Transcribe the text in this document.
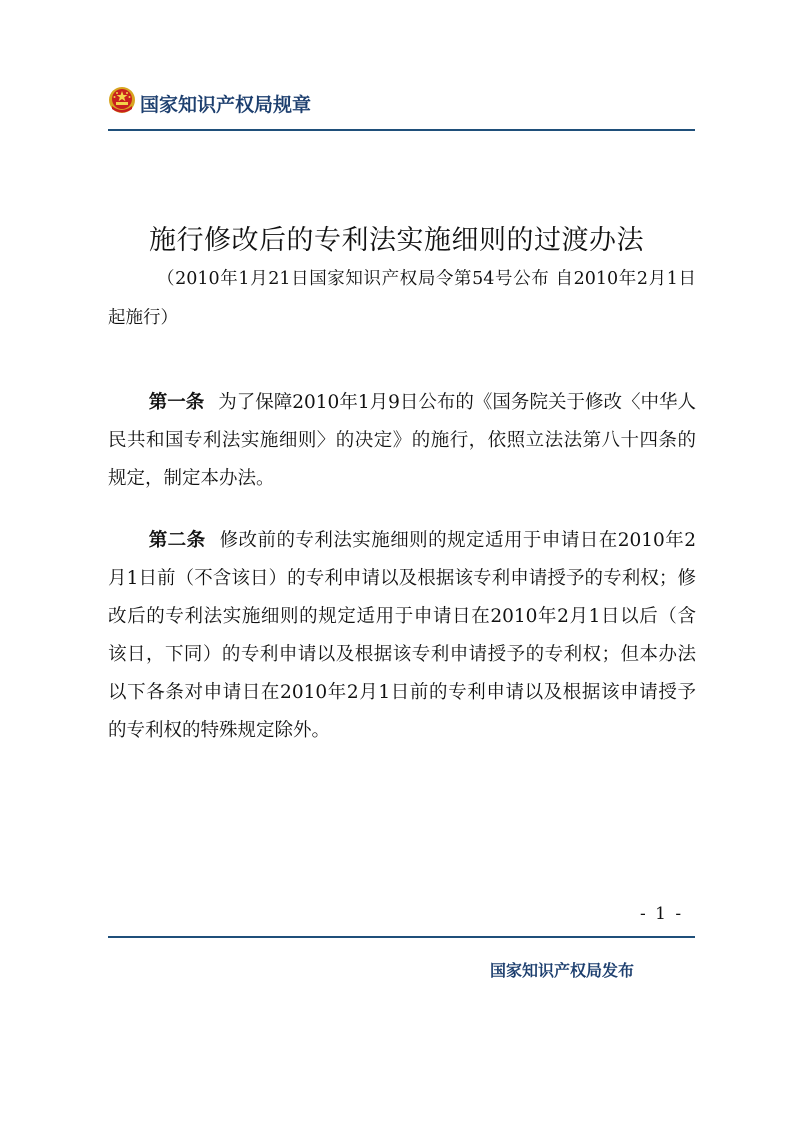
国家知识产权局规章
施行修改后的专利法实施细则的过渡办法
（2010年1月21日国家知识产权局令第54号公布 自2010年2月1日起施行）
第一条 为了保障2010年1月9日公布的《国务院关于修改〈中华人民共和国专利法实施细则〉的决定》的施行，依照立法法第八十四条的规定，制定本办法。
第二条 修改前的专利法实施细则的规定适用于申请日在2010年2月1日前（不含该日）的专利申请以及根据该专利申请授予的专利权；修改后的专利法实施细则的规定适用于申请日在2010年2月1日以后（含该日，下同）的专利申请以及根据该专利申请授予的专利权；但本办法以下各条对申请日在2010年2月1日前的专利申请以及根据该申请授予的专利权的特殊规定除外。
- 1 -
国家知识产权局发布
